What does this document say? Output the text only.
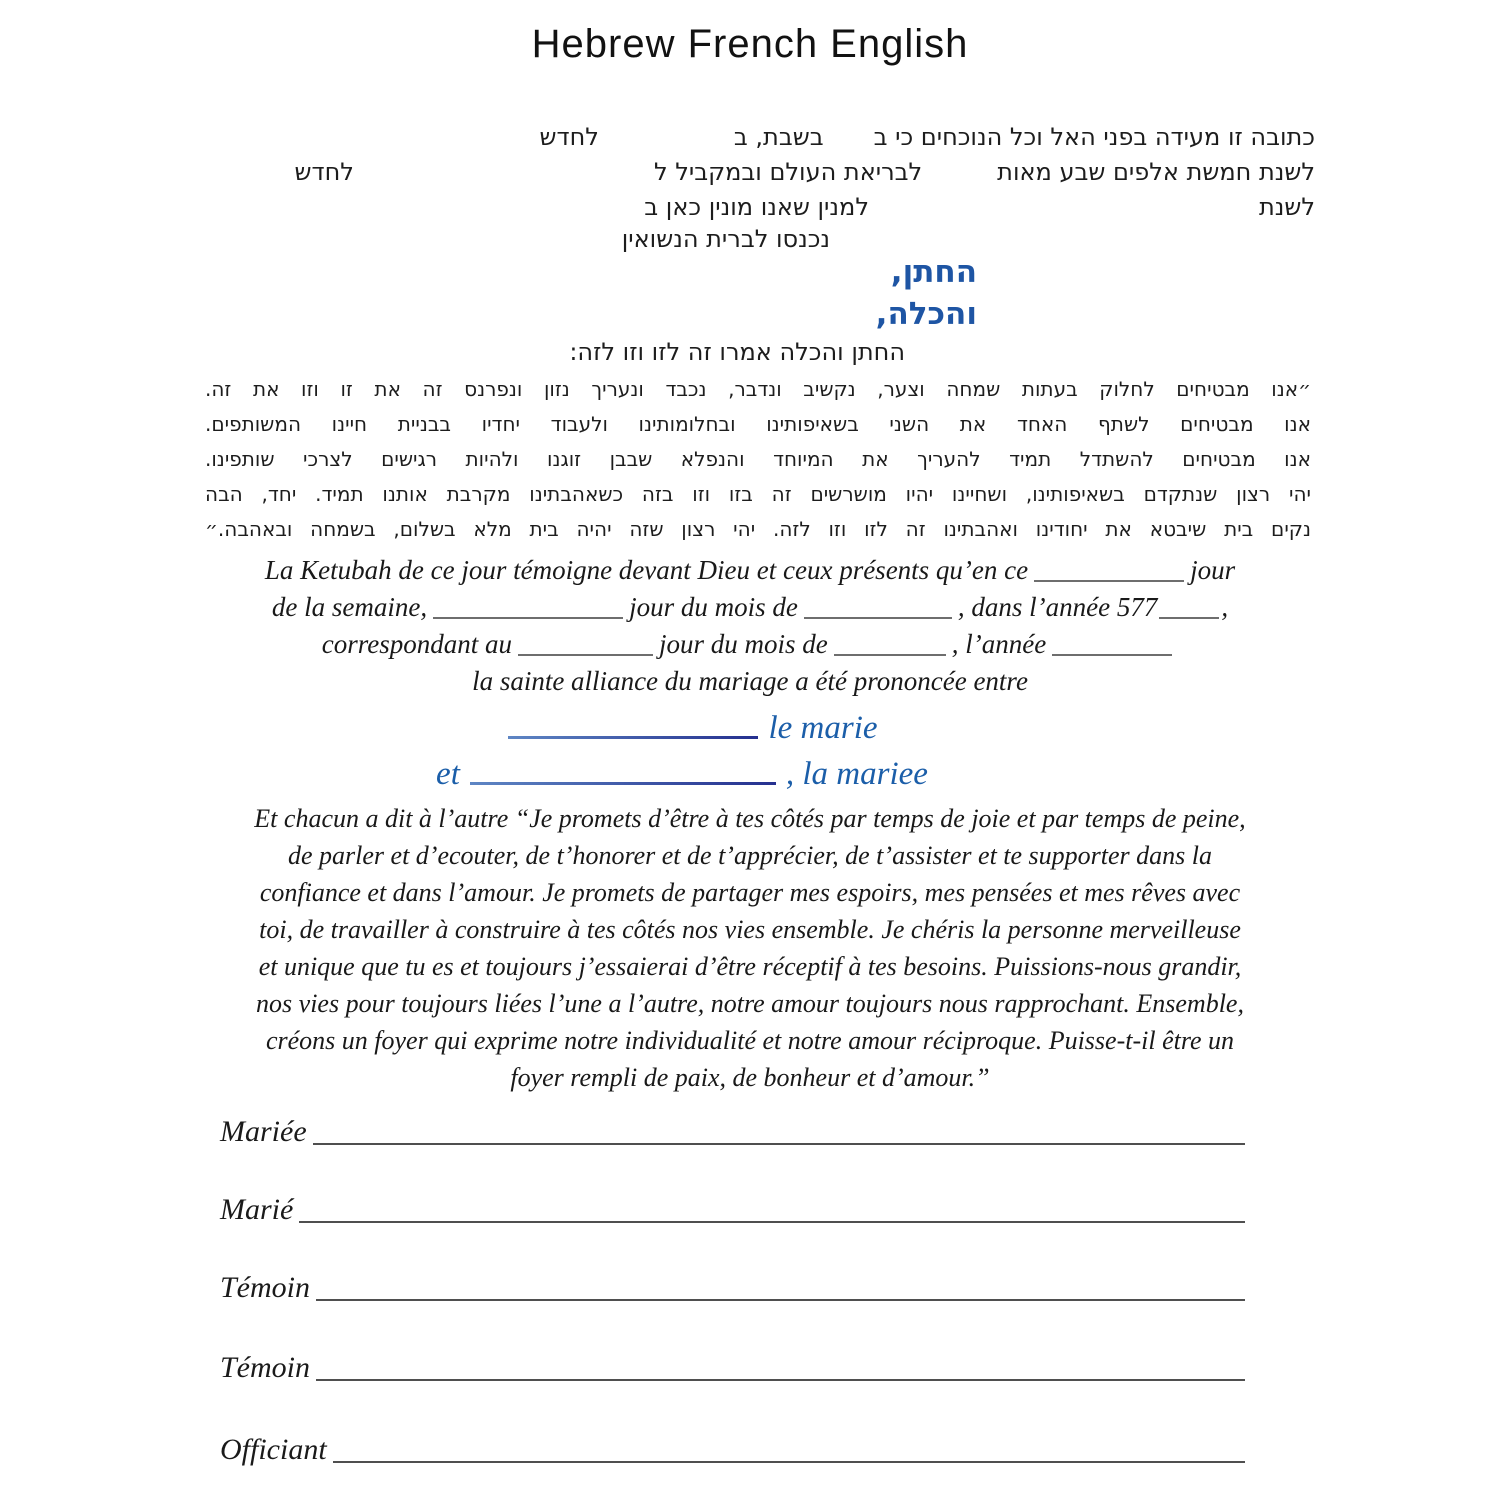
Hebrew French English
כתובה זו מעידה בפני האל וכל הנוכחים כי בבשבת, בלחדש
לשנת חמשת אלפים שבע מאותלבריאת העולם ובמקביל ללחדש
לשנתלמנין שאנו מונין כאן ב
נכנסו לברית הנשואין
החתן,
והכלה,
החתן והכלה אמרו זה לזו וזו לזה:
״אנו מבטיחים לחלוק בעתות שמחה וצער, נקשיב ונדבר, נכבד ונעריך נזון ונפרנס זה את זו וזו את זה.
אנו מבטיחים לשתף האחד את השני בשאיפותינו ובחלומותינו ולעבוד יחדיו בבניית חיינו המשותפים.
אנו מבטיחים להשתדל תמיד להעריך את המיוחד והנפלא שבבן זוגנו ולהיות רגישים לצרכי שותפינו.
יהי רצון שנתקדם בשאיפותינו, ושחיינו יהיו מושרשים זה בזו וזו בזה כשאהבתינו מקרבת אותנו תמיד. יחד, הבה
נקים בית שיבטא את יחודינו ואהבתינו זה לזו וזו לזה. יהי רצון שזה יהיה בית מלא בשלום, בשמחה ובאהבה.״
La Ketubah de ce jour témoigne devant Dieu et ceux présents qu’en ce	jour
de la semaine,	jour du mois de	, dans l’année 577 ,
correspondant au	jour du mois de	, l’année
la sainte alliance du mariage a été prononcée entre
le marie
et	, la mariee
Et chacun a dit à l’autre “Je promets d’être à tes côtés par temps de joie et par temps de peine,
de parler et d’ecouter, de t’honorer et de t’apprécier, de t’assister et te supporter dans la
confiance et dans l’amour. Je promets de partager mes espoirs, mes pensées et mes rêves avec
toi, de travailler à construire à tes côtés nos vies ensemble. Je chéris la personne merveilleuse
et unique que tu es et toujours j’essaierai d’être réceptif à tes besoins. Puissions-nous grandir,
nos vies pour toujours liées l’une a l’autre, notre amour toujours nous rapprochant. Ensemble,
créons un foyer qui exprime notre individualité et notre amour réciproque. Puisse-t-il être un
foyer rempli de paix, de bonheur et d’amour.”
Mariée
Marié
Témoin
Témoin
Officiant
